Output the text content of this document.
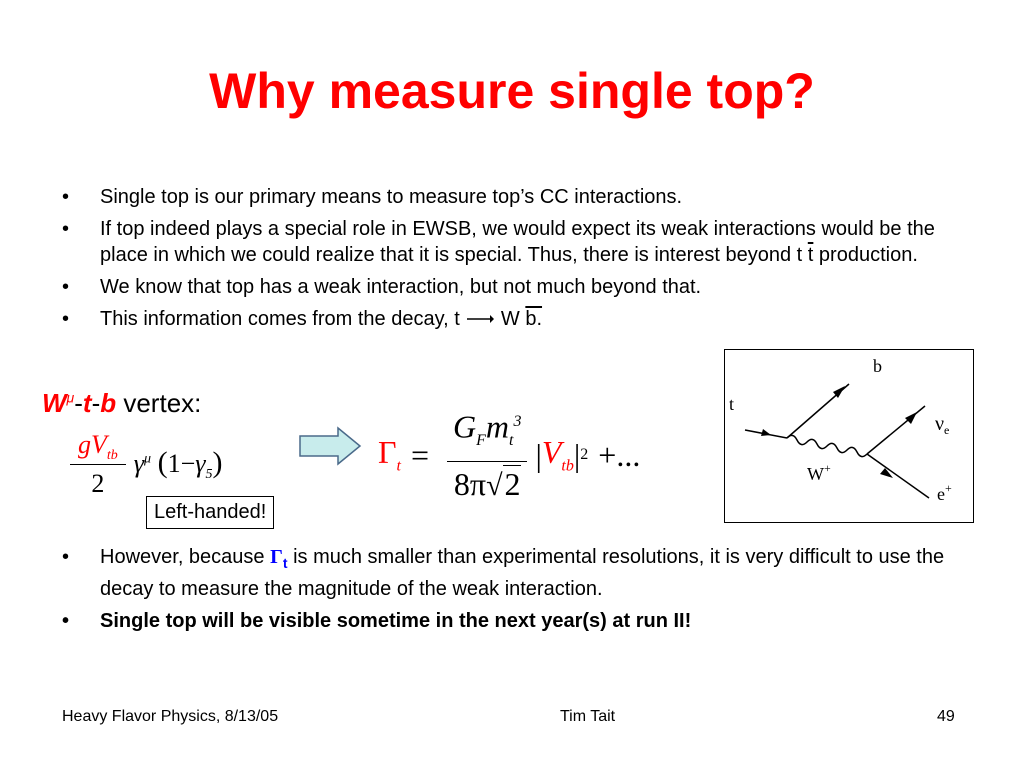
Why measure single top?
• Single top is our primary means to measure top’s CC interactions.
• If top indeed plays a special role in EWSB, we would expect its weak interactions would be the place in which we could realize that it is special. Thus, there is interest beyond t $\overline{t}$ production.
• We know that top has a weak interaction, but not much beyond that.
• This information comes from the decay, t W b.
$W^\mu-t-b$ vertex:
$\frac{gV_{tb}}{2} \gamma^\mu$ $(1-\gamma_5)$
Left-handed!
$\Gamma_t = \frac{G_Fm_t^3}{8\pi√2}$ | $V_{tb}$ | 2 +...
t
b
W+
$\nu_e$
e+
• However, because $\Gamma_t$ is much smaller than experimental resolutions, it is very difficult to use the decay to measure the magnitude of the weak interaction.
• Single top will be visible sometime in the next year(s) at run II!
Heavy Flavor Physics, 8/13/05	Tim Tait	49
